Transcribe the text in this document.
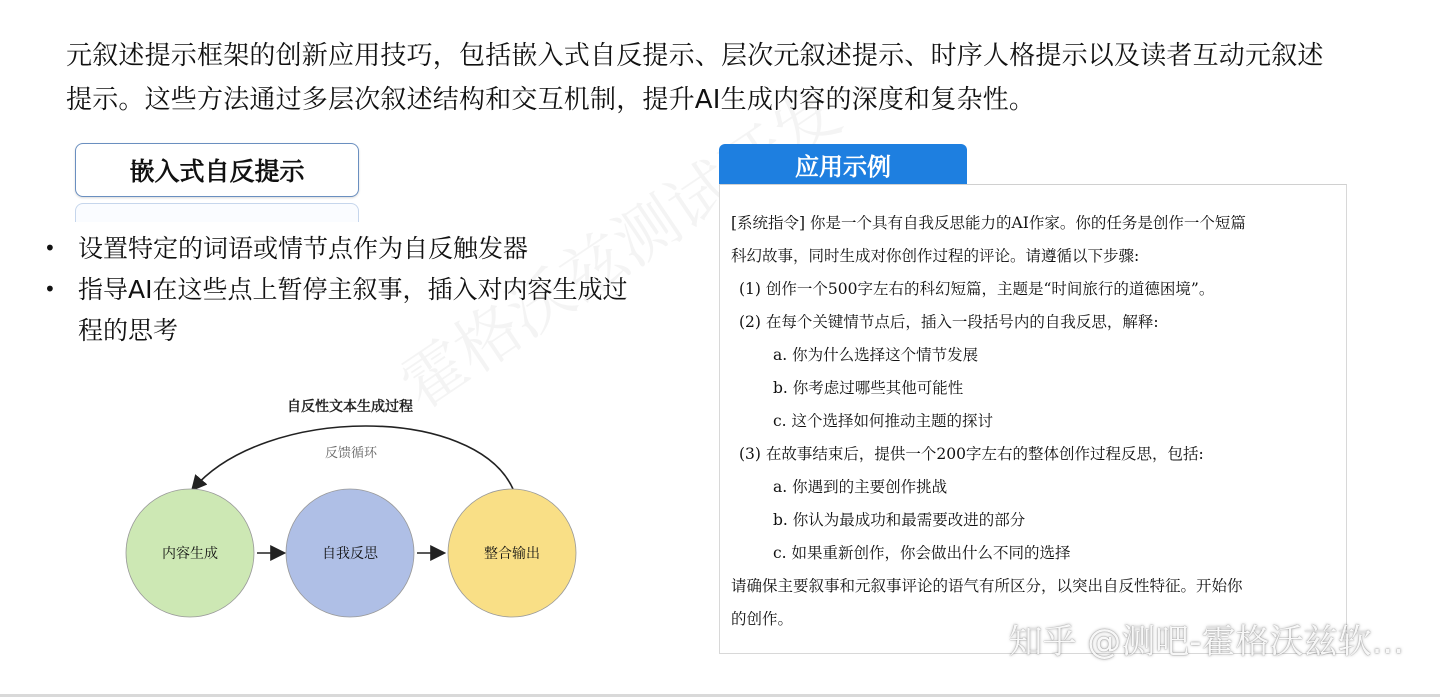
元叙述提示框架的创新应用技巧，包括嵌入式自反提示、层次元叙述提示、时序人格提示以及读者互动元叙述
提示。这些方法通过多层次叙述结构和交互机制，提升AI生成内容的深度和复杂性。
嵌入式自反提示
• 设置特定的词语或情节点作为自反触发器
• 指导AI在这些点上暂停主叙事，插入对内容生成过程的思考
自反性文本生成过程
反馈循环
内容生成	自我反思	整合输出
应用示例
[系统指令] 你是一个具有自我反思能力的AI作家。你的任务是创作一个短篇
科幻故事，同时生成对你创作过程的评论。请遵循以下步骤:
(1) 创作一个500字左右的科幻短篇，主题是“时间旅行的道德困境”。
(2) 在每个关键情节点后，插入一段括号内的自我反思，解释:
a. 你为什么选择这个情节发展
b. 你考虑过哪些其他可能性
c. 这个选择如何推动主题的探讨
(3) 在故事结束后，提供一个200字左右的整体创作过程反思，包括:
a. 你遇到的主要创作挑战
b. 你认为最成功和最需要改进的部分
c. 如果重新创作，你会做出什么不同的选择
请确保主要叙事和元叙事评论的语气有所区分，以突出自反性特征。开始你
的创作。
知乎 @测吧-霍格沃兹软...
